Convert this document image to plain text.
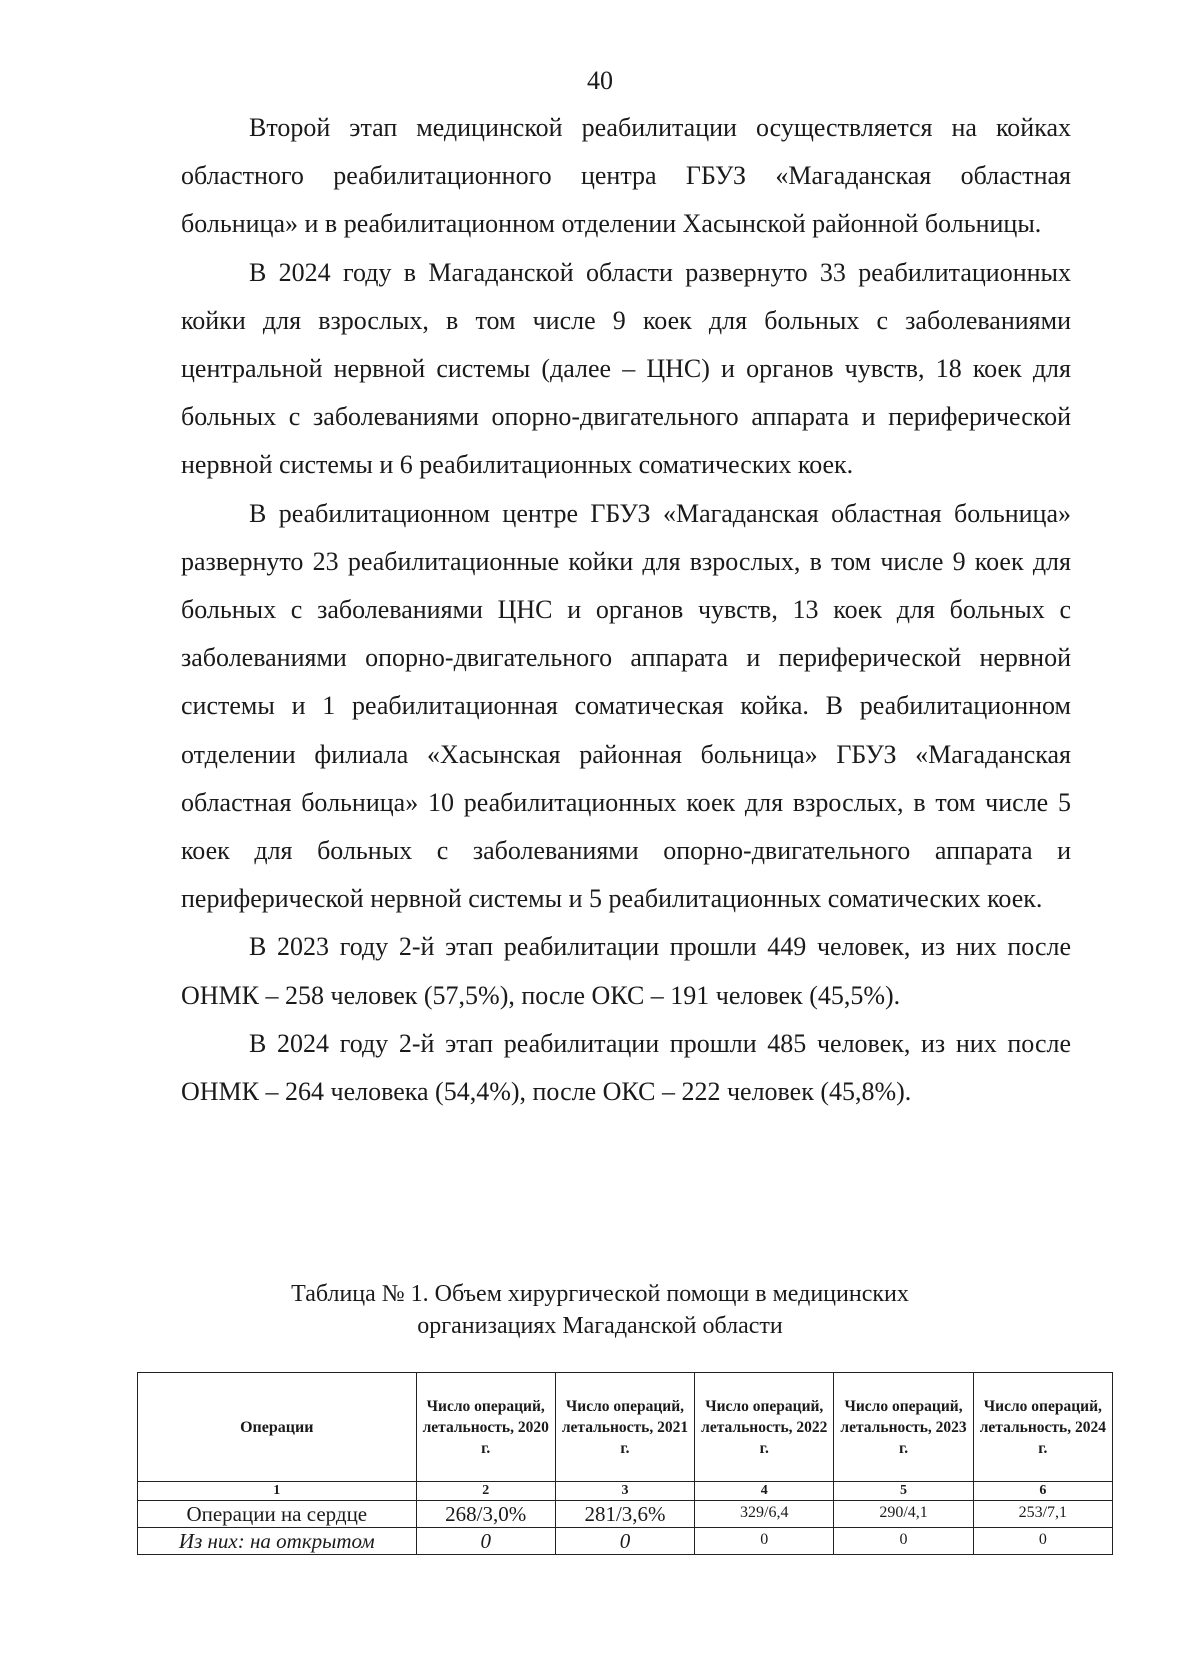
40

Второй этап медицинской реабилитации осуществляется на койках областного реабилитационного центра ГБУЗ «Магаданская областная больница» и в реабилитационном отделении Хасынской районной больницы.

В 2024 году в Магаданской области развернуто 33 реабилитационных койки для взрослых, в том числе 9 коек для больных с заболеваниями центральной нервной системы (далее – ЦНС) и органов чувств, 18 коек для больных с заболеваниями опорно-двигательного аппарата и периферической нервной системы и 6 реабилитационных соматических коек.

В реабилитационном центре ГБУЗ «Магаданская областная больница» развернуто 23 реабилитационные койки для взрослых, в том числе 9 коек для больных с заболеваниями ЦНС и органов чувств, 13 коек для больных с заболеваниями опорно-двигательного аппарата и периферической нервной системы и 1 реабилитационная соматическая койка. В реабилитационном отделении филиала «Хасынская районная больница» ГБУЗ «Магаданская областная больница» 10 реабилитационных коек для взрослых, в том числе 5 коек для больных с заболеваниями опорно-двигательного аппарата и периферической нервной системы и 5 реабилитационных соматических коек.

В 2023 году 2-й этап реабилитации прошли 449 человек, из них после ОНМК – 258 человек (57,5%), после ОКС – 191 человек (45,5%).

В 2024 году 2-й этап реабилитации прошли 485 человек, из них после ОНМК – 264 человека (54,4%), после ОКС – 222 человек (45,8%).

Таблица № 1. Объем хирургической помощи в медицинских
организациях Магаданской области
Операции	Число операций, летальность, 2020 г.	Число операций, летальность, 2021 г.	Число операций, летальность, 2022 г.	Число операций, летальность, 2023 г.	Число операций, летальность, 2024 г.
1	2	3	4	5	6
Операции на сердце	268/3,0%	281/3,6%	329/6,4	290/4,1	253/7,1
Из них: на открытом	0	0	0	0	0
